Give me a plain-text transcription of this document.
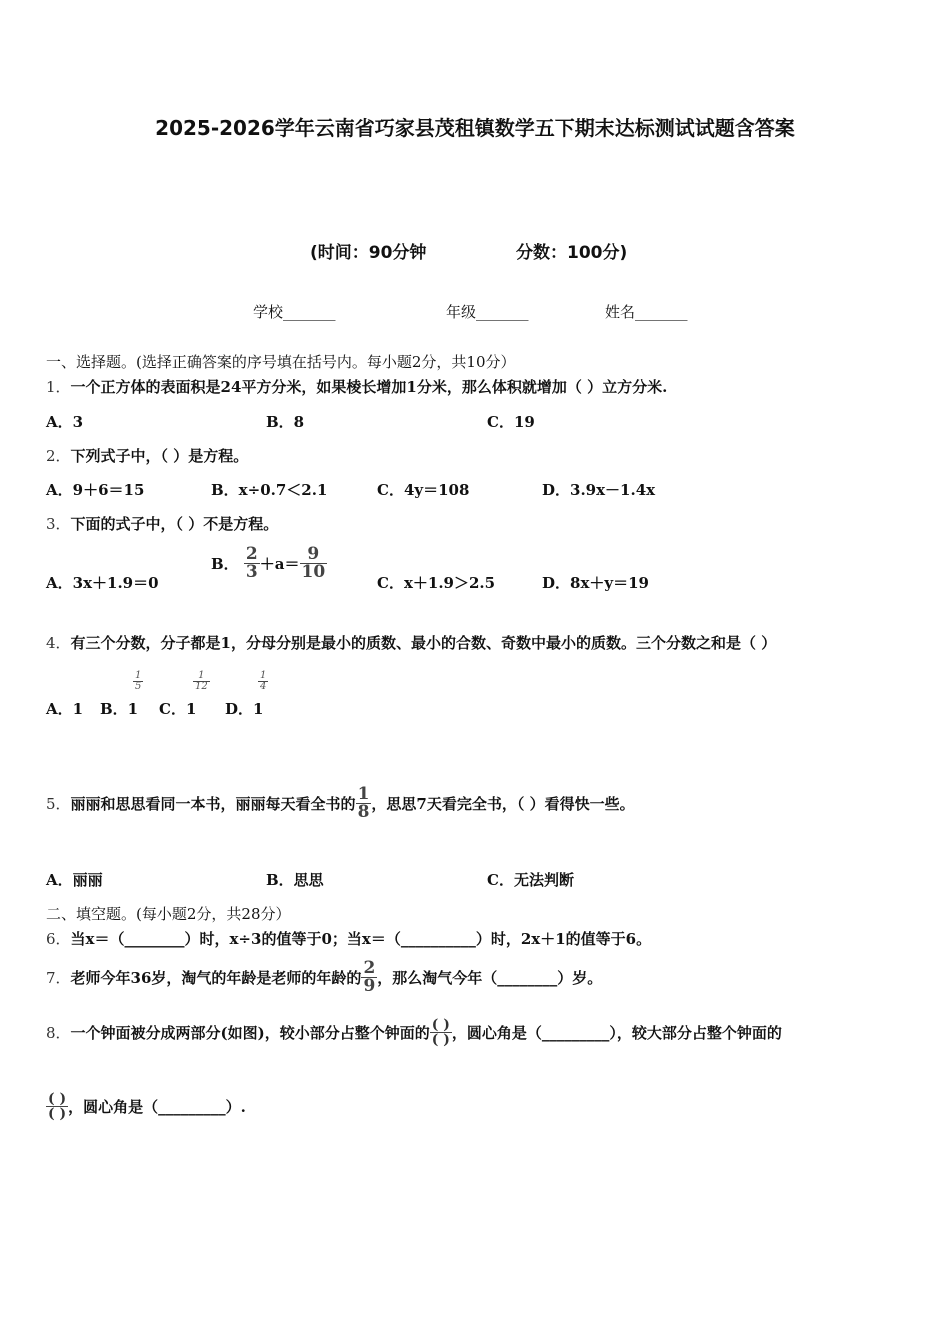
2025-2026学年云南省巧家县茂租镇数学五下期末达标测试试题含答案
(时间：90分钟	分数：100分)
学校_______	年级_______	姓名_______
一、选择题。(选择正确答案的序号填在括号内。每小题2分，共10分）
1．一个正方体的表面积是24平方分米，如果棱长增加1分米，那么体积就增加（ ）立方分米.
A．3	B．8	C．19
2．下列式子中，（ ）是方程。
A．9＋6＝15	B．x÷0.7＜2.1	C．4y＝108	D．3.9x－1.4x
3．下面的式子中，（ ）不是方程。
A．3x＋1.9＝0
B． $\frac{2}{3} +a= \frac{9}{10}$
C．x＋1.9＞2.5	D．8x＋y＝19
4．有三个分数，分子都是1，分母分别是最小的质数、最小的合数、奇数中最小的质数。三个分数之和是（ ）
A．1 B．1
$\frac{1}{5}$
C．1
$\frac{1}{12}$
D．1
$\frac{1}{4}$
5．丽丽和思思看同一本书，丽丽每天看全书的 $\frac{1}{8}$ ，思思7天看完全书，（ ）看得快一些。
A．丽丽	B．思思	C．无法判断
二、填空题。(每小题2分，共28分）
6．当x＝（________）时，x÷3的值等于0；当x＝（__________）时，2x＋1的值等于6。
7．老师今年36岁，淘气的年龄是老师的年龄的 $\frac{2}{9}$ ，那么淘气今年（________）岁。
8．一个钟面被分成两部分(如图)，较小部分占整个钟面的 $\frac{( )}{( )}$ ，圆心角是（_________），较大部分占整个钟面的
$\frac{( )}{( )}$ ，圆心角是（_________）.
